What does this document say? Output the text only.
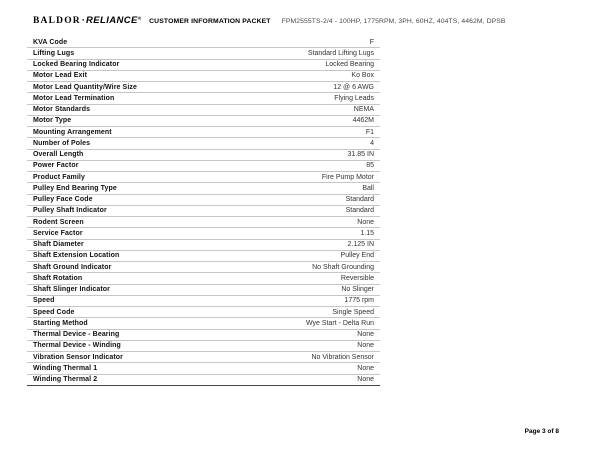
BALDOR · RELIANCE ® CUSTOMER INFORMATION PACKET FPM2555TS-2/4 - 100HP, 1775RPM, 3PH, 60HZ, 404TS, 4462M, DPSB
KVA Code	F
Lifting Lugs	Standard Lifting Lugs
Locked Bearing Indicator	Locked Bearing
Motor Lead Exit	Ko Box
Motor Lead Quantity/Wire Size	12 @ 6 AWG
Motor Lead Termination	Flying Leads
Motor Standards	NEMA
Motor Type	4462M
Mounting Arrangement	F1
Number of Poles	4
Overall Length	31.85 IN
Power Factor	85
Product Family	Fire Pump Motor
Pulley End Bearing Type	Ball
Pulley Face Code	Standard
Pulley Shaft Indicator	Standard
Rodent Screen	None
Service Factor	1.15
Shaft Diameter	2.125 IN
Shaft Extension Location	Pulley End
Shaft Ground Indicator	No Shaft Grounding
Shaft Rotation	Reversible
Shaft Slinger Indicator	No Slinger
Speed	1775 rpm
Speed Code	Single Speed
Starting Method	Wye Start - Delta Run
Thermal Device - Bearing	None
Thermal Device - Winding	None
Vibration Sensor Indicator	No Vibration Sensor
Winding Thermal 1	None
Winding Thermal 2	None
Page 3 of 8
